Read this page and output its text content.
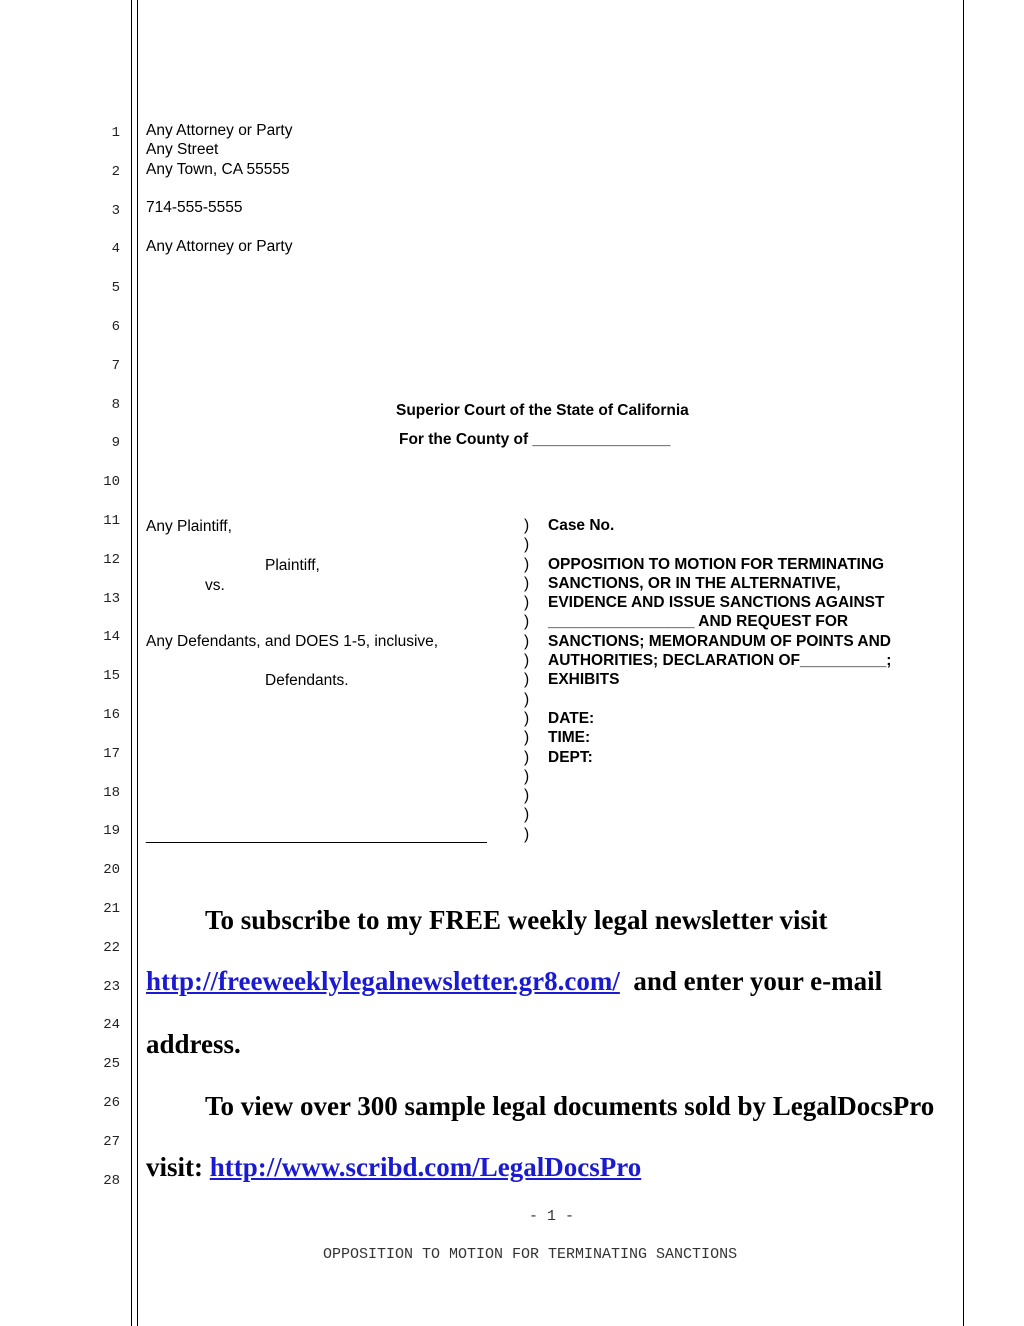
1
2
3
4
5
6
7
8
9
10
11
12
13
14
15
16
17
18
19
20
21
22
23
24
25
26
27
28
Any Attorney or Party
Any Street
Any Town, CA 55555
714-555-5555
Any Attorney or Party
Superior Court of the State of California
For the County of ________________
Any Plaintiff,
Plaintiff,
vs.
Any Defendants, and DOES 1-5, inclusive,
Defendants.
________________________________________
)
)
)
)
)
)
)
)
)
)
)
)
)
)
)
)
)
Case No.
OPPOSITION TO MOTION FOR TERMINATING
SANCTIONS, OR IN THE ALTERNATIVE,
EVIDENCE AND ISSUE SANCTIONS AGAINST
_________________ AND REQUEST FOR
SANCTIONS; MEMORANDUM OF POINTS AND
AUTHORITIES; DECLARATION OF__________;
EXHIBITS
DATE:
TIME:
DEPT:
To subscribe to my FREE weekly legal newsletter visit
http://freeweeklylegalnewsletter.gr8.com/ and enter your e-mail
address.
To view over 300 sample legal documents sold by LegalDocsPro
visit: http://www.scribd.com/LegalDocsPro
- 1 -
OPPOSITION TO MOTION FOR TERMINATING SANCTIONS
